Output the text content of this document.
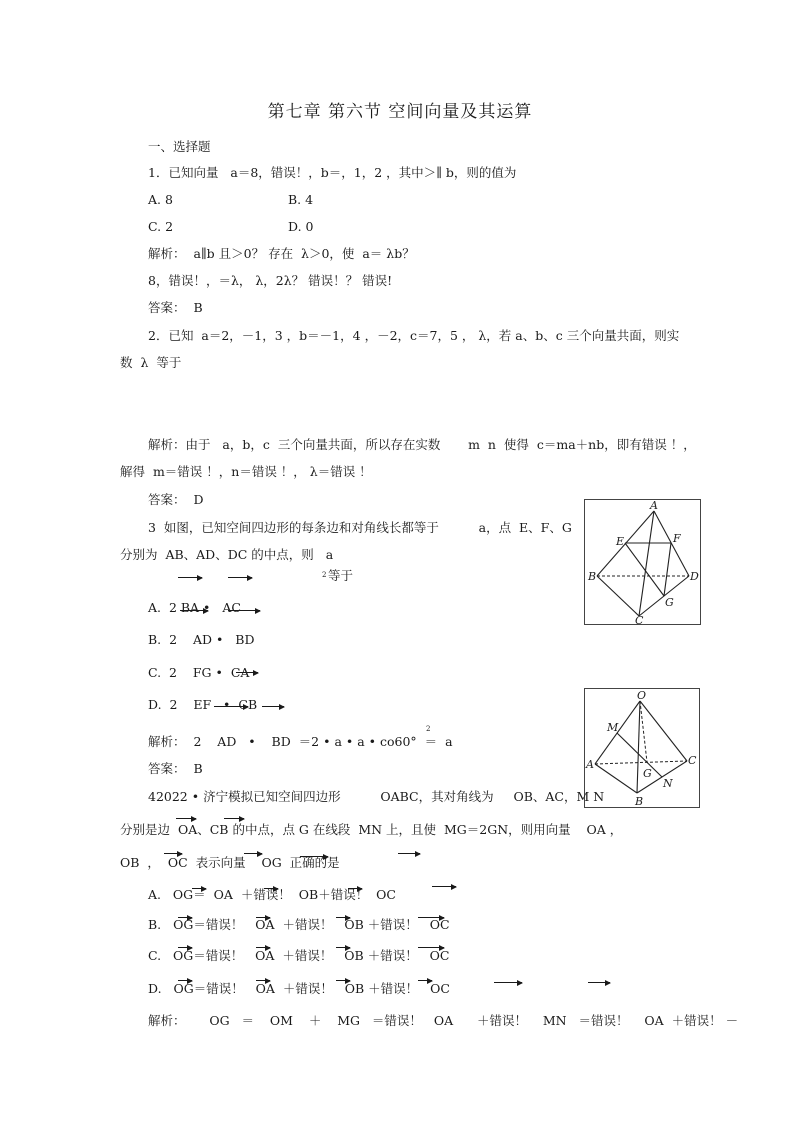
第七章 第六节 空间向量及其运算
一、选择题
1．已知向量   a＝8，错误！，b＝，1，2 ，其中＞∥ b，则的值为
A. 8	B. 4
C. 2	D. 0
解析：  a∥b 且＞0？ 存在  λ＞0，使  a＝ λb？
8，错误！，＝λ， λ，2λ？ 错误！？ 错误!
答案：  B
2．已知  a＝2，－1，3 ，b＝－1，4 ，－2，c＝7，5 ， λ，若 a、b、c 三个向量共面，则实
数  λ  等于
解析：由于   a，b，c  三个向量共面，所以存在实数       m  n  使得  c＝ma＋nb，即有错误 ！，
解得  m＝错误 ！，n＝错误 ！， λ＝错误 ！
答案：  D
3  如图，已知空间四边形的每条边和对角线长都等于          a，点  E、F、G
分别为  AB、AD、DC 的中点，则   a
2 等于
A.  2 BA •   AC
B.  2    AD •   BD
C.  2    FG •  CA
D.  2    EF   •  CB
解析：  2    AD   •    BD  ＝2 • a • a • co60°  ＝  a
2
答案：  B
A
B
C
D
E	F
G
O
A
B
C
M
N
G
42022 • 济宁模拟已知空间四边形          OABC，其对角线为     OB、AC，M N
分别是边  OA、CB 的中点，点 G 在线段  MN 上，且使  MG＝2GN，则用向量    OA ，
OB  ，  OC  表示向量    OG  正确的是
A.   OG＝  OA  ＋错误！  OB＋错误！  OC
B.   OG＝错误！   OA  ＋错误！   OB ＋错误！   OC
C.   OG＝错误！   OA  ＋错误！   OB ＋错误！   OC
D.   OG＝错误！   OA  ＋错误！   OB ＋错误！   OC
解析：      OG   ＝    OM    ＋    MG   ＝错误！   OA      ＋错误！    MN   ＝错误！    OA  ＋错误！ －
